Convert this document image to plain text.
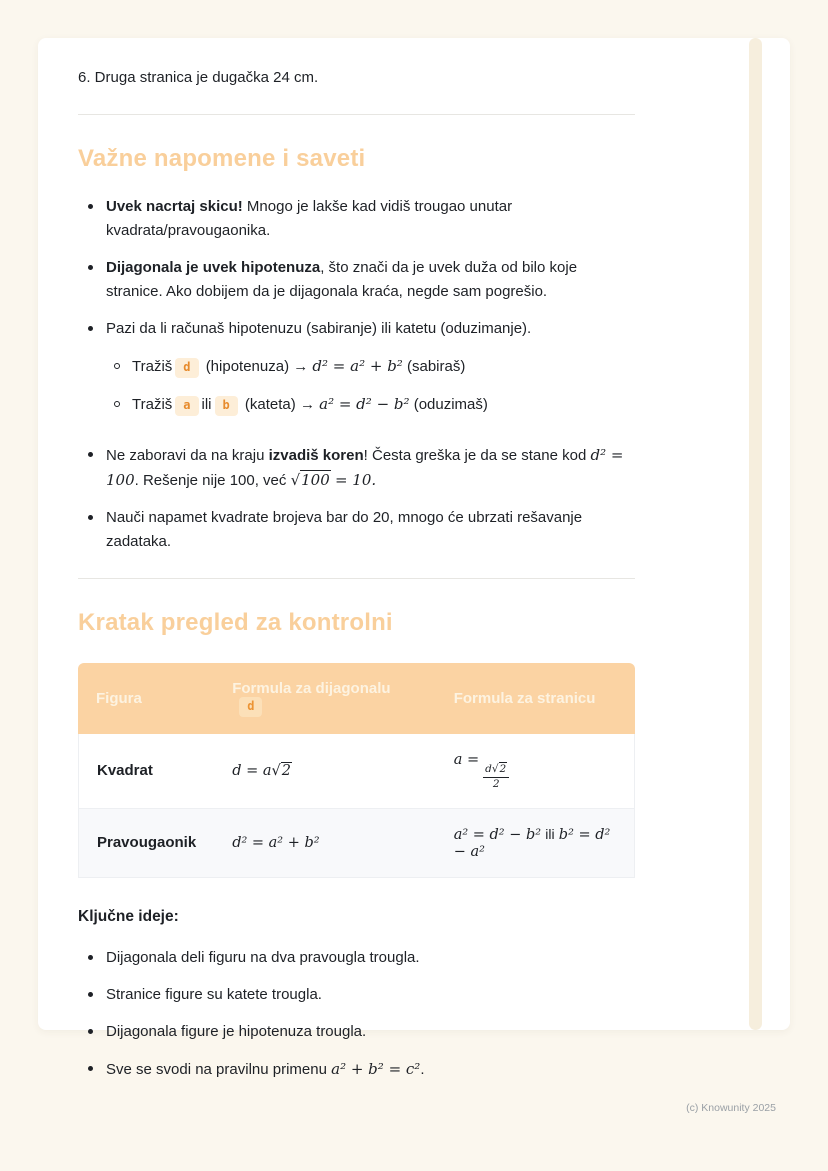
6. Druga stranica je dugačka 24 cm.

Važne napomene i saveti
Uvek nacrtaj skicu! Mnogo je lakše kad vidiš trougao unutar kvadrata/pravougaonika.
Dijagonala je uvek hipotenuza, što znači da je uvek duža od bilo koje stranice. Ako dobijem da je dijagonala kraća, negde sam pogrešio.
Pazi da li računaš hipotenuzu (sabiranje) ili katetu (oduzimanje).
Tražiš d (hipotenuza) → d² = a² + b² (sabiraš)
Tražiš a ili b (kateta) → a² = d² − b² (oduzimaš)
Ne zaboravi da na kraju izvadiš koren! Česta greška je da se stane kod d² = 100. Rešenje nije 100, već √100 = 10.
Nauči napamet kvadrate brojeva bar do 20, mnogo će ubrzati rešavanje zadataka.
Kratak pregled za kontrolni
Figura	Formula za dijagonalud	Formula za stranicu
Kvadrat	d = a√2	a =
$\frac{d√2}{2}$

Pravougaonik	d² = a² + b²	a² = d² − b² ili b² = d² − a²
Ključne ideje:
Dijagonala deli figuru na dva pravougla trougla.
Stranice figure su katete trougla.
Dijagonala figure je hipotenuza trougla.
Sve se svodi na pravilnu primenu a² + b² = c².
(c) Knowunity 2025
